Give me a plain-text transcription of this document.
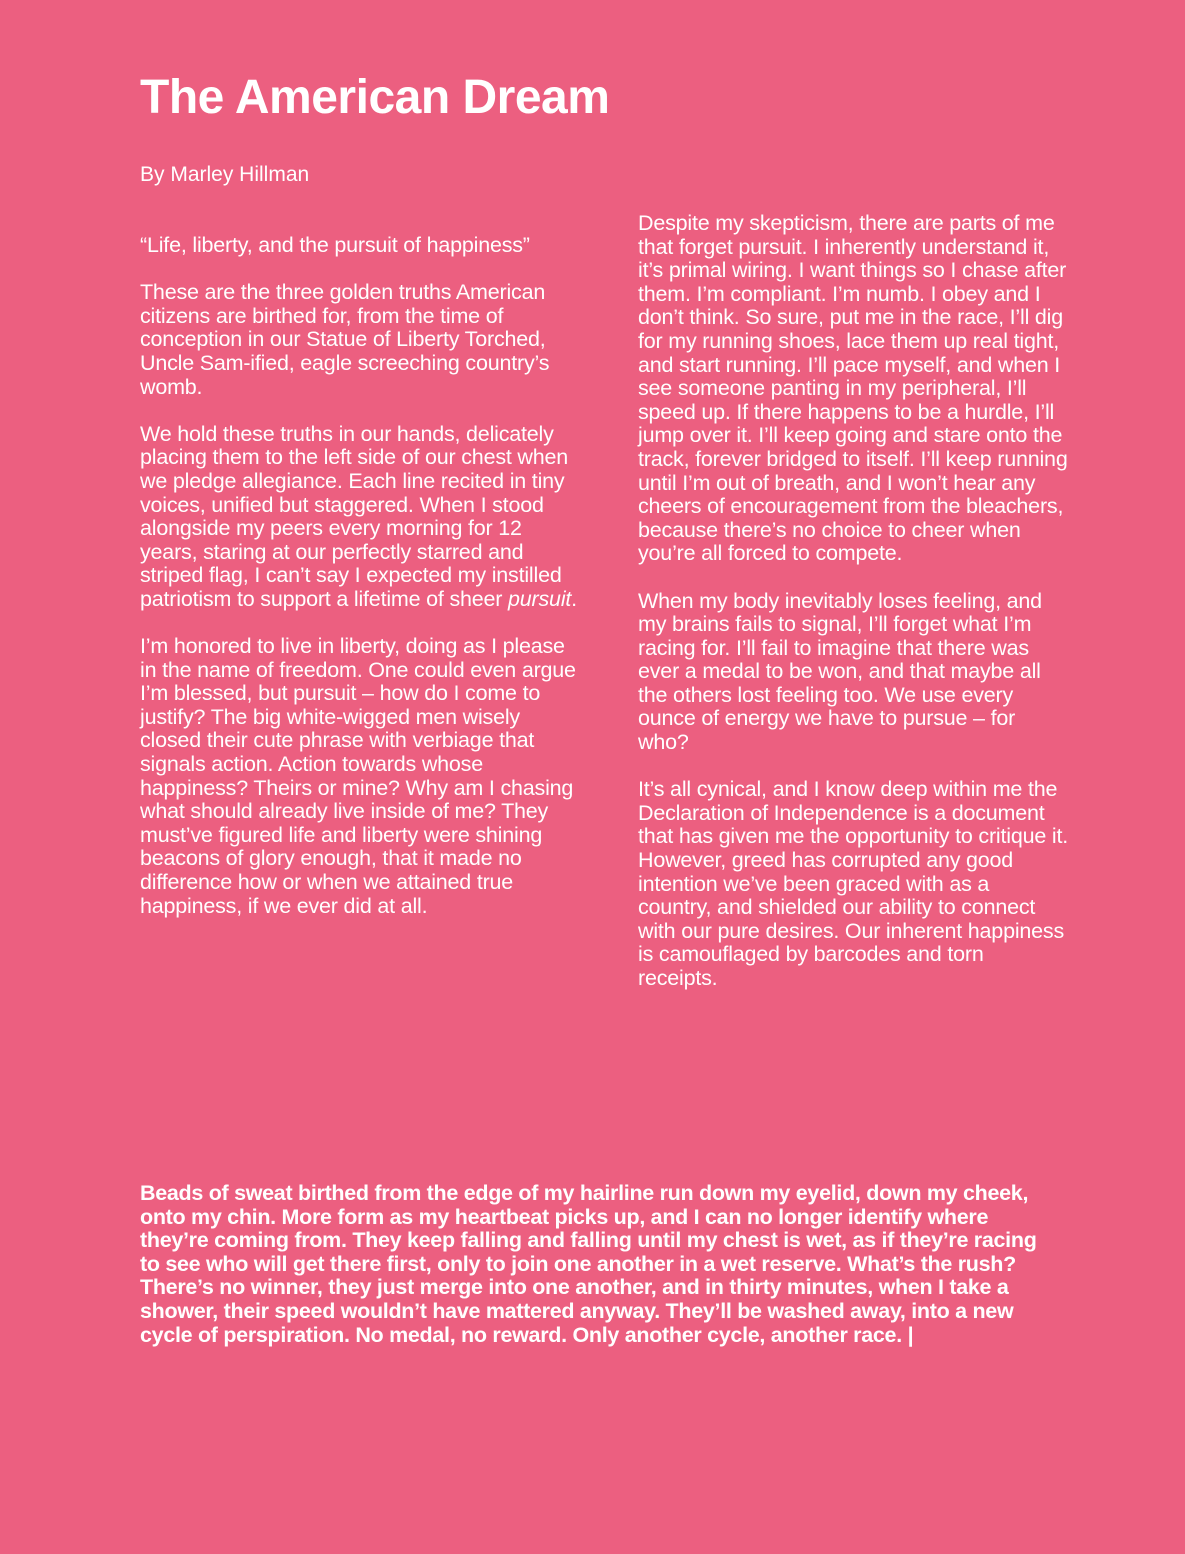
The American Dream
By Marley Hillman

“Life, liberty, and the pursuit of happiness”

These are the three golden truths American citizens are birthed for, from the time of conception in our Statue of Liberty Torched, Uncle Sam-ified, eagle screeching country’s womb.

We hold these truths in our hands, delicately placing them to the left side of our chest when we pledge allegiance. Each line recited in tiny voices, unified but staggered. When I stood alongside my peers every morning for 12 years, staring at our perfectly starred and striped flag, I can’t say I expected my instilled patriotism to support a lifetime of sheer pursuit.

I’m honored to live in liberty, doing as I please in the name of freedom. One could even argue I’m blessed, but pursuit – how do I come to justify? The big white-wigged men wisely closed their cute phrase with verbiage that signals action. Action towards whose happiness? Theirs or mine? Why am I chasing what should already live inside of me? They must’ve figured life and liberty were shining beacons of glory enough, that it made no difference how or when we attained true happiness, if we ever did at all.

Despite my skepticism, there are parts of me that forget pursuit. I inherently understand it, it’s primal wiring. I want things so I chase after them. I’m compliant. I’m numb. I obey and I don’t think. So sure, put me in the race, I’ll dig for my running shoes, lace them up real tight, and start running. I’ll pace myself, and when I see someone panting in my peripheral, I’ll speed up. If there happens to be a hurdle, I’ll jump over it. I’ll keep going and stare onto the track, forever bridged to itself. I’ll keep running until I’m out of breath, and I won’t hear any cheers of encouragement from the bleachers, because there’s no choice to cheer when you’re all forced to compete.

When my body inevitably loses feeling, and my brains fails to signal, I’ll forget what I’m racing for. I’ll fail to imagine that there was ever a medal to be won, and that maybe all the others lost feeling too. We use every ounce of energy we have to pursue – for who?

It’s all cynical, and I know deep within me the Declaration of Independence is a document that has given me the opportunity to critique it. However, greed has corrupted any good intention we’ve been graced with as a country, and shielded our ability to connect with our pure desires. Our inherent happiness is camouflaged by barcodes and torn receipts.

Beads of sweat birthed from the edge of my hairline run down my eyelid, down my cheek, onto my chin. More form as my heartbeat picks up, and I can no longer identify where they’re coming from. They keep falling and falling until my chest is wet, as if they’re racing to see who will get there first, only to join one another in a wet reserve. What’s the rush? There’s no winner, they just merge into one another, and in thirty minutes, when I take a shower, their speed wouldn’t have mattered anyway. They’ll be washed away, into a new cycle of perspiration. No medal, no reward. Only another cycle, another race. |
